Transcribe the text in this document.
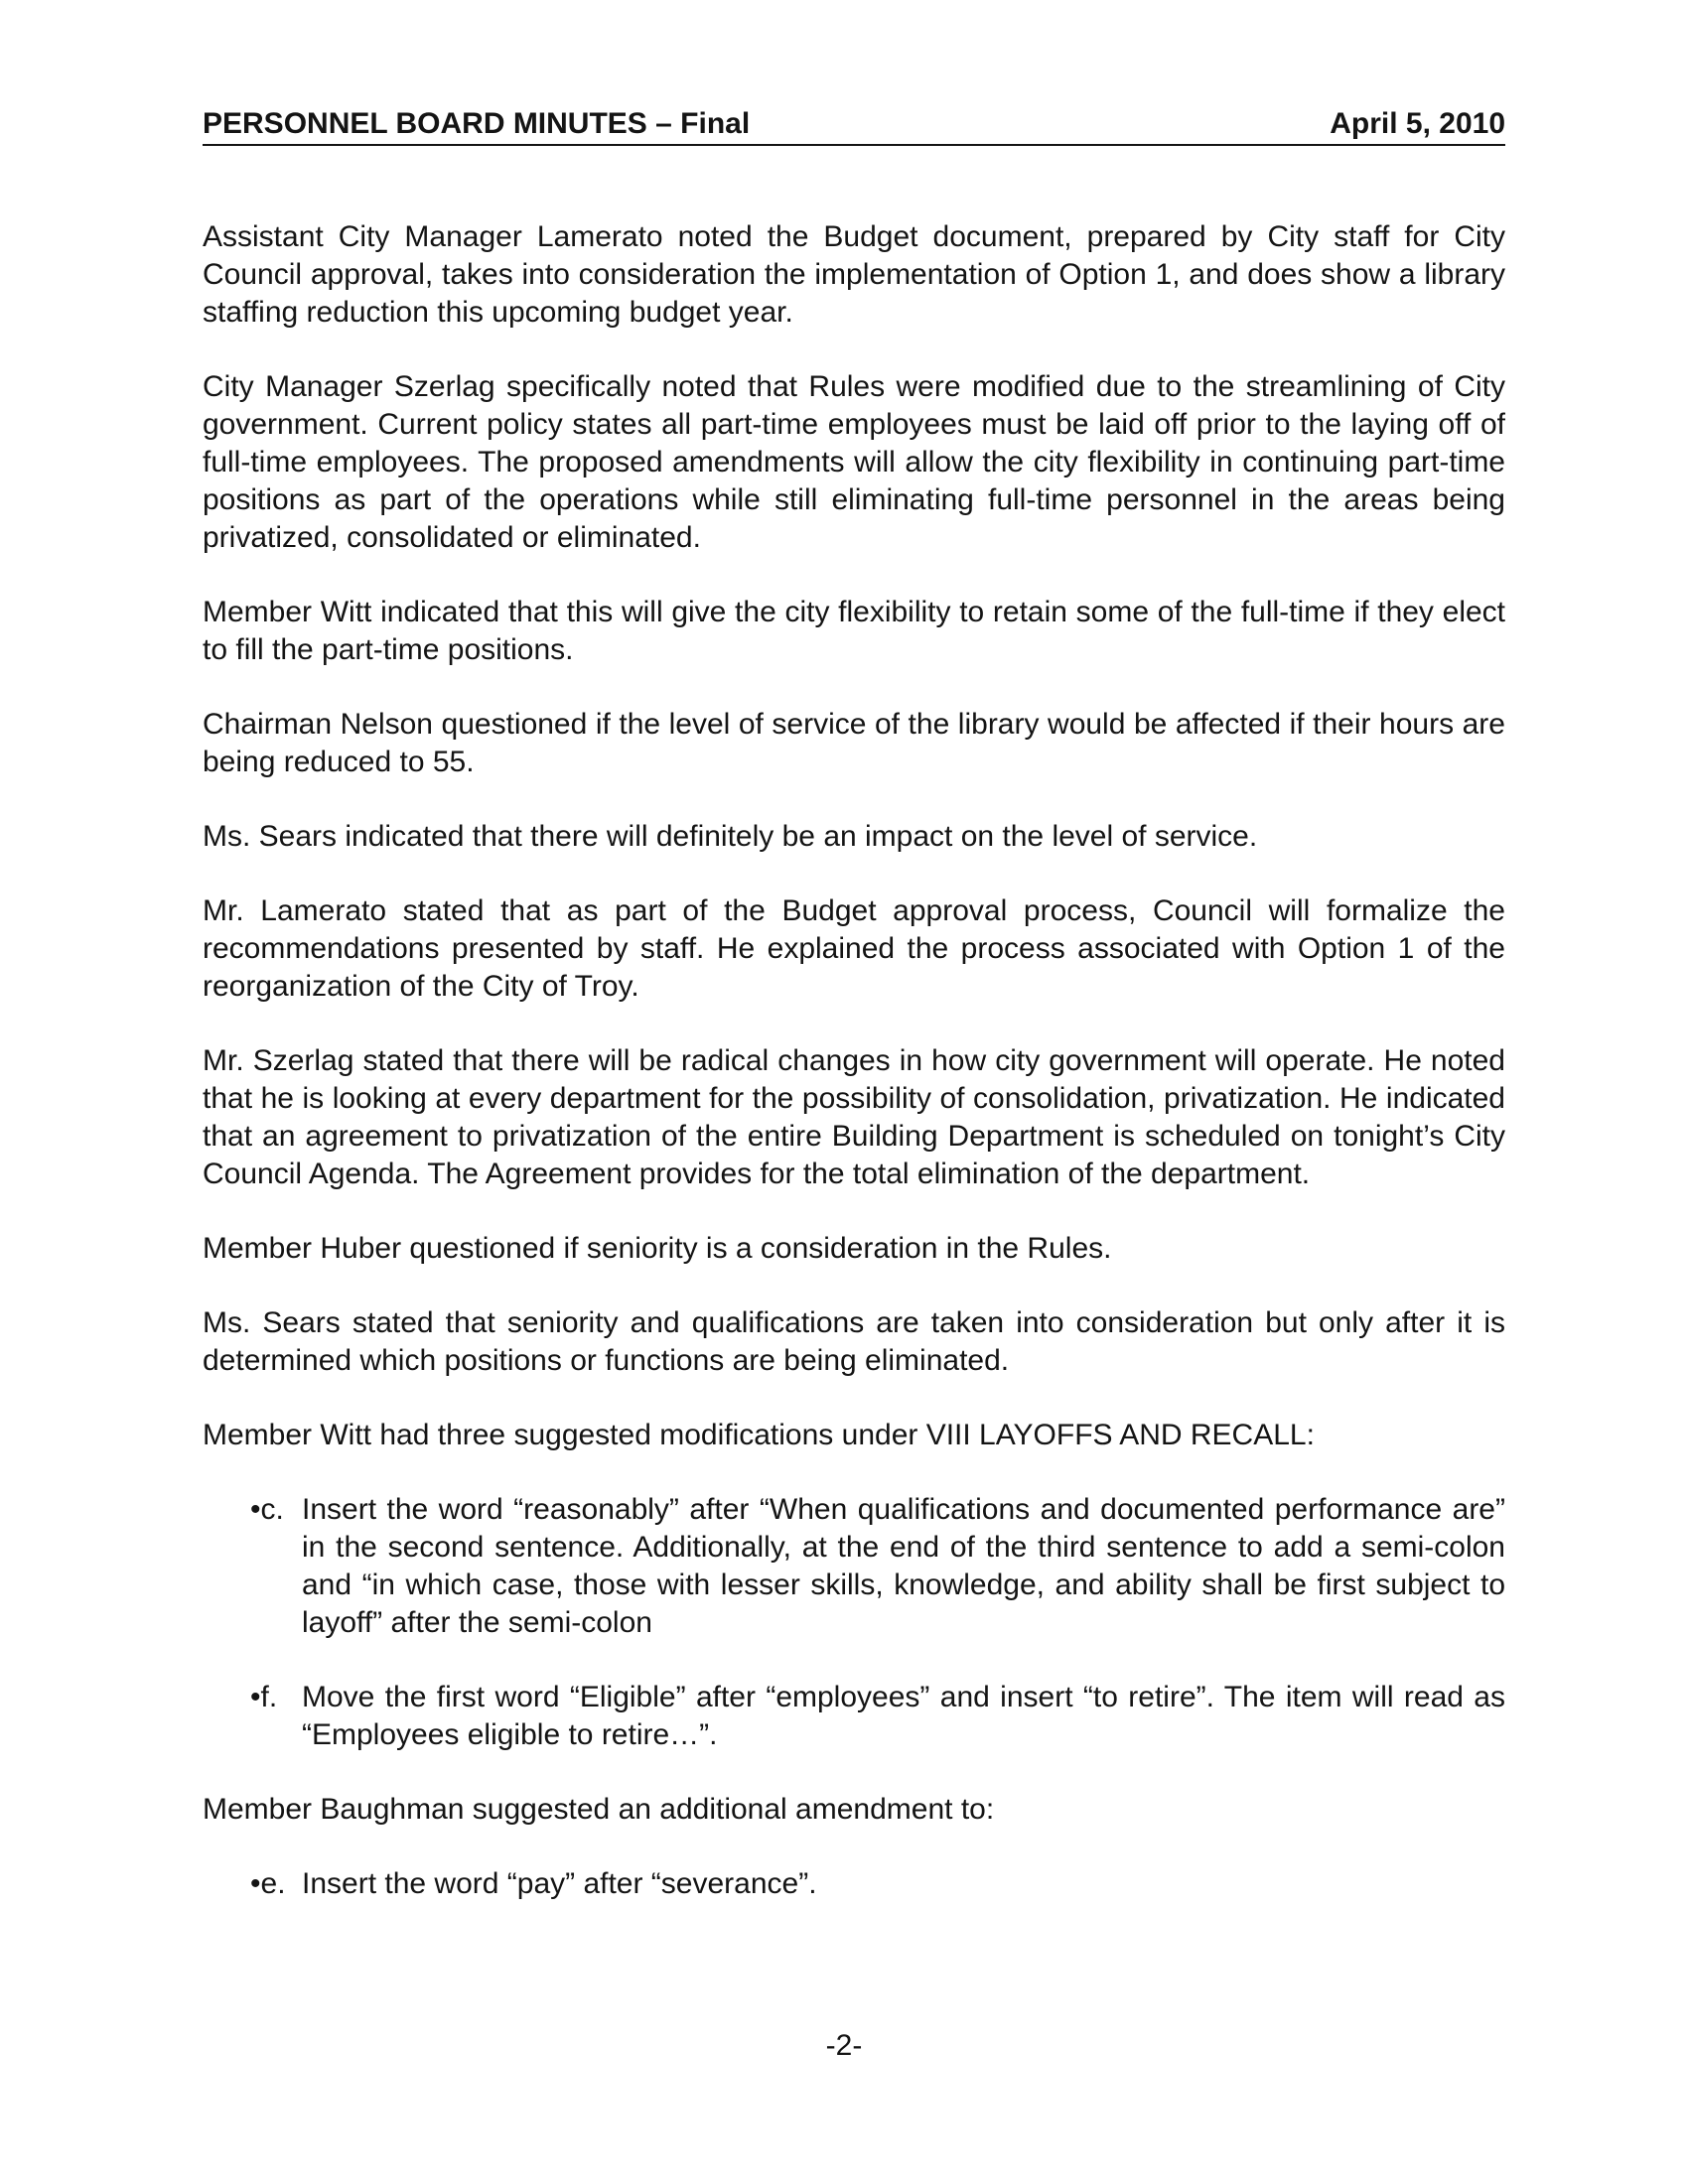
PERSONNEL BOARD MINUTES – Final	April 5, 2010

Assistant City Manager Lamerato noted the Budget document, prepared by City staff for City Council approval, takes into consideration the implementation of Option 1, and does show a library staffing reduction this upcoming budget year.

City Manager Szerlag specifically noted that Rules were modified due to the streamlining of City government. Current policy states all part-time employees must be laid off prior to the laying off of full-time employees. The proposed amendments will allow the city flexibility in continuing part-time positions as part of the operations while still eliminating full-time personnel in the areas being privatized, consolidated or eliminated.

Member Witt indicated that this will give the city flexibility to retain some of the full-time if they elect to fill the part-time positions.

Chairman Nelson questioned if the level of service of the library would be affected if their hours are being reduced to 55.

Ms. Sears indicated that there will definitely be an impact on the level of service.

Mr. Lamerato stated that as part of the Budget approval process, Council will formalize the recommendations presented by staff. He explained the process associated with Option 1 of the reorganization of the City of Troy.

Mr. Szerlag stated that there will be radical changes in how city government will operate. He noted that he is looking at every department for the possibility of consolidation, privatization. He indicated that an agreement to privatization of the entire Building Department is scheduled on tonight’s City Council Agenda. The Agreement provides for the total elimination of the department.

Member Huber questioned if seniority is a consideration in the Rules.

Ms. Sears stated that seniority and qualifications are taken into consideration but only after it is determined which positions or functions are being eliminated.

Member Witt had three suggested modifications under VIII LAYOFFS AND RECALL:

•c. Insert the word “reasonably” after “When qualifications and documented performance are” in the second sentence. Additionally, at the end of the third sentence to add a semi-colon and “in which case, those with lesser skills, knowledge, and ability shall be first subject to layoff” after the semi-colon
•f. Move the first word “Eligible” after “employees” and insert “to retire”. The item will read as “Employees eligible to retire…”.

Member Baughman suggested an additional amendment to:

•e. Insert the word “pay” after “severance”.
-2-
